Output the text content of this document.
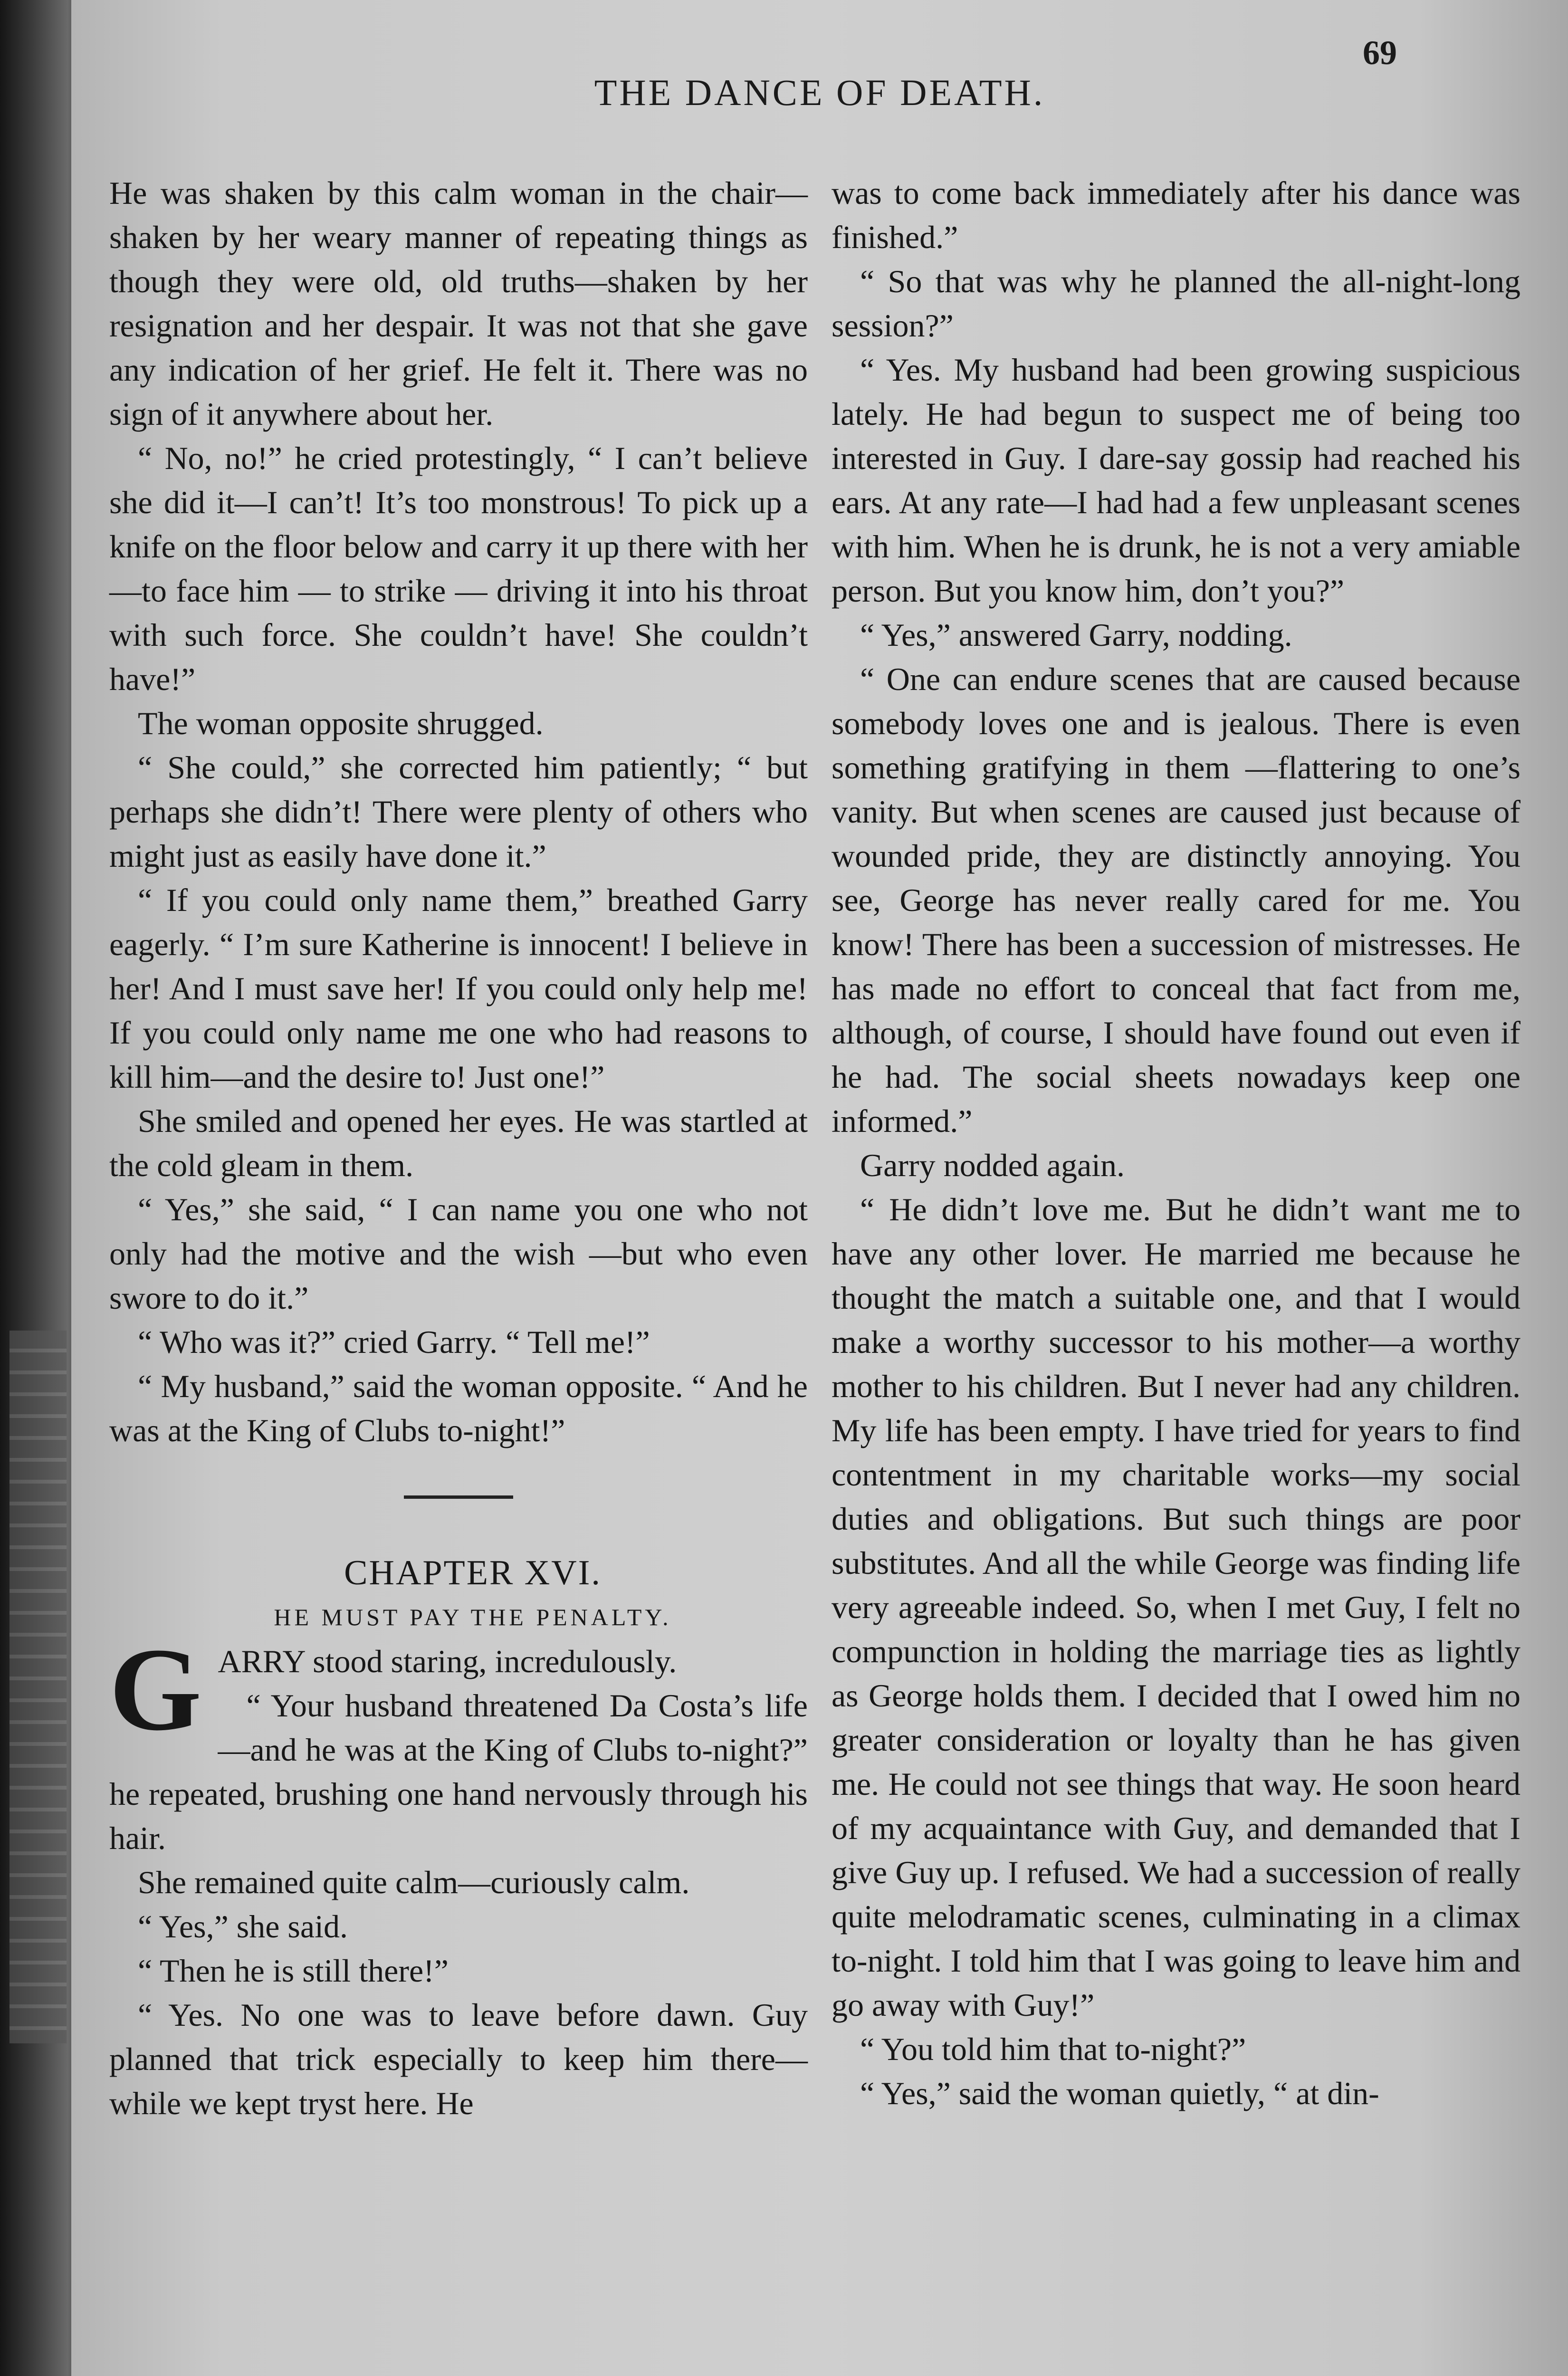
69
THE DANCE OF DEATH.

He was shaken by this calm woman in the chair—shaken by her weary manner of repeating things as though they were old, old truths—shaken by her resignation and her despair. It was not that she gave any indication of her grief. He felt it. There was no sign of it anywhere about her.

“ No, no!” he cried protestingly, “ I can’t believe she did it—I can’t! It’s too monstrous! To pick up a knife on the floor below and carry it up there with her—to face him — to strike — driving it into his throat with such force. She couldn’t have! She couldn’t have!”

The woman opposite shrugged.

“ She could,” she corrected him patiently; “ but perhaps she didn’t! There were plenty of others who might just as easily have done it.”

“ If you could only name them,” breathed Garry eagerly. “ I’m sure Katherine is innocent! I believe in her! And I must save her! If you could only help me! If you could only name me one who had reasons to kill him—and the desire to! Just one!”

She smiled and opened her eyes. He was startled at the cold gleam in them.

“ Yes,” she said, “ I can name you one who not only had the motive and the wish —but who even swore to do it.”

“ Who was it?” cried Garry. “ Tell me!”

“ My husband,” said the woman opposite. “ And he was at the King of Clubs to-night!”

CHAPTER XVI.

HE MUST PAY THE PENALTY.

GARRY stood staring, incredulously.

“ Your husband threatened Da Costa’s life—and he was at the King of Clubs to-night?” he repeated, brushing one hand nervously through his hair.

She remained quite calm—curiously calm.

“ Yes,” she said.

“ Then he is still there!”

“ Yes. No one was to leave before dawn. Guy planned that trick especially to keep him there—while we kept tryst here. He

was to come back immediately after his dance was finished.”

“ So that was why he planned the all-night-long session?”

“ Yes. My husband had been growing suspicious lately. He had begun to suspect me of being too interested in Guy. I dare-say gossip had reached his ears. At any rate—I had had a few unpleasant scenes with him. When he is drunk, he is not a very amiable person. But you know him, don’t you?”

“ Yes,” answered Garry, nodding.

“ One can endure scenes that are caused because somebody loves one and is jealous. There is even something gratifying in them —flattering to one’s vanity. But when scenes are caused just because of wounded pride, they are distinctly annoying. You see, George has never really cared for me. You know! There has been a succession of mistresses. He has made no effort to conceal that fact from me, although, of course, I should have found out even if he had. The social sheets nowadays keep one informed.”

Garry nodded again.

“ He didn’t love me. But he didn’t want me to have any other lover. He married me because he thought the match a suitable one, and that I would make a worthy successor to his mother—a worthy mother to his children. But I never had any children. My life has been empty. I have tried for years to find contentment in my charitable works—my social duties and obligations. But such things are poor substitutes. And all the while George was finding life very agreeable indeed. So, when I met Guy, I felt no compunction in holding the marriage ties as lightly as George holds them. I decided that I owed him no greater consideration or loyalty than he has given me. He could not see things that way. He soon heard of my acquaintance with Guy, and demanded that I give Guy up. I refused. We had a succession of really quite melodramatic scenes, culminating in a climax to-night. I told him that I was going to leave him and go away with Guy!”

“ You told him that to-night?”

“ Yes,” said the woman quietly, “ at din-
